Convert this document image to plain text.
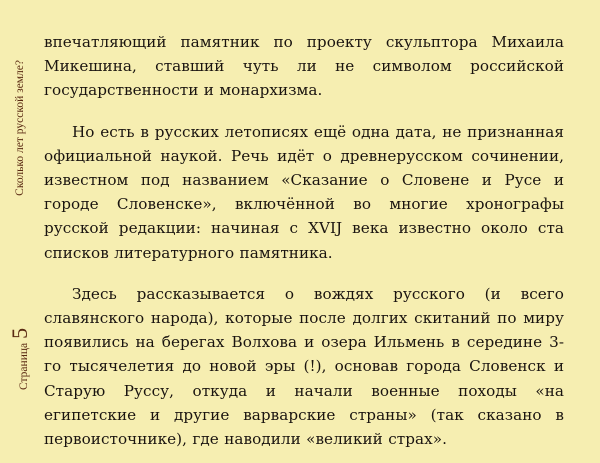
Страница
5
Сколько лет русской земле?

впечатляющий памятник по проекту скульптора Михаила Микешина, ставший чуть ли не символом российской государственности и монархизма.

Но есть в русских летописях ещё одна дата, не признанная официальной наукой. Речь идёт о древнерусском сочинении, известном под названием «Сказание о Словене и Русе и городе Словенске», включённой во многие хронографы русской редакции: начиная с XVIJ века известно около ста списков литературного памятника.

Здесь рассказывается о вождях русского (и всего славянского народа), которые после долгих скитаний по миру появились на берегах Волхова и озера Ильмень в середине 3-го тысячелетия до новой эры (!), основав города Словенск и Старую Руссу, откуда и начали военные походы «на египетские и другие варварские страны» (так сказано в первоисточнике), где наводили «великий страх».
